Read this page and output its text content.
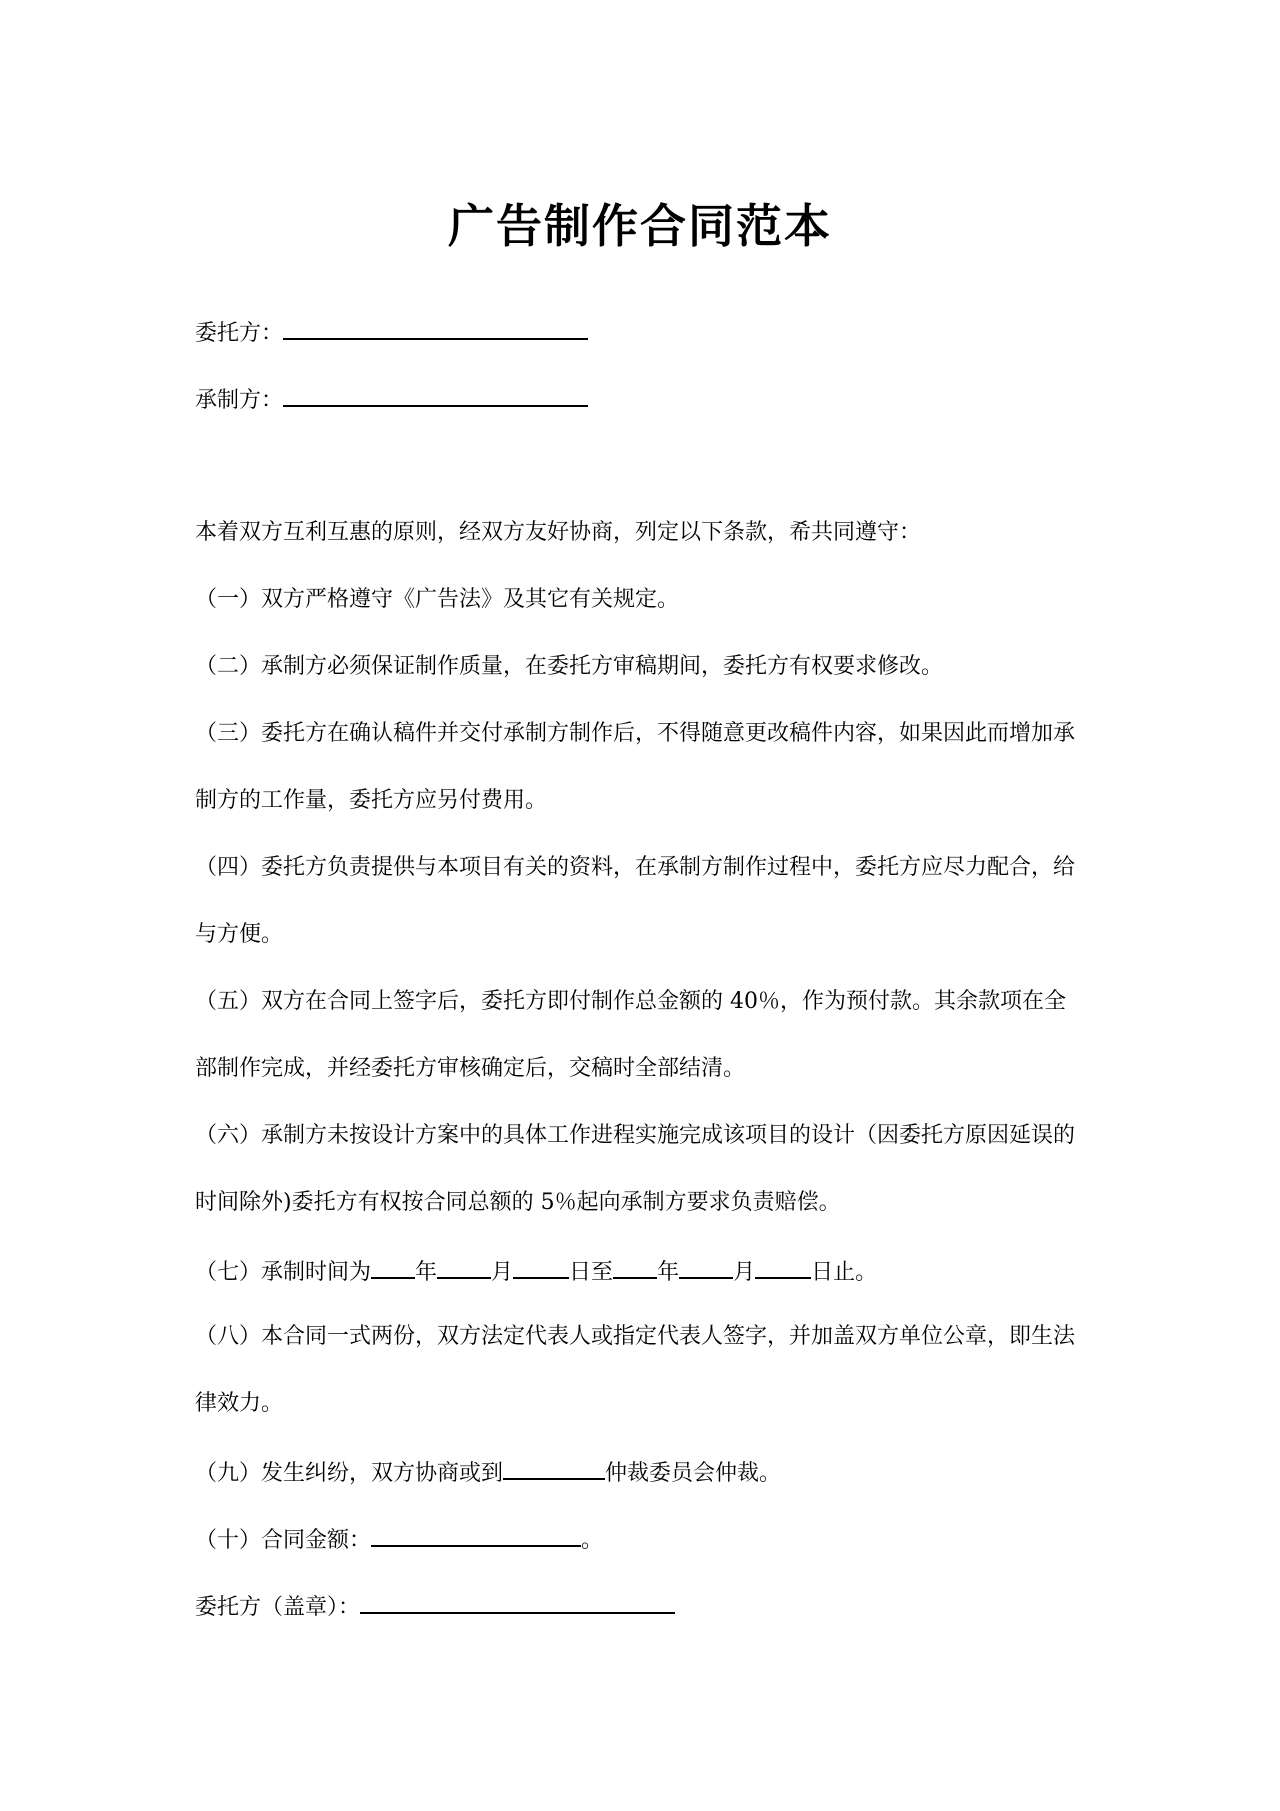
广告制作合同范本
委托方：
承制方：
本着双方互利互惠的原则，经双方友好协商，列定以下条款，希共同遵守：
（一）双方严格遵守《广告法》及其它有关规定。
（二）承制方必须保证制作质量，在委托方审稿期间，委托方有权要求修改。
（三）委托方在确认稿件并交付承制方制作后，不得随意更改稿件内容，如果因此而增加承
制方的工作量，委托方应另付费用。
（四）委托方负责提供与本项目有关的资料，在承制方制作过程中，委托方应尽力配合，给
与方便。
（五）双方在合同上签字后，委托方即付制作总金额的 40％，作为预付款。其余款项在全
部制作完成，并经委托方审核确定后，交稿时全部结清。
（六）承制方未按设计方案中的具体工作进程实施完成该项目的设计（因委托方原因延误的
时间除外)委托方有权按合同总额的 5％起向承制方要求负责赔偿。
（七）承制时间为 年 月	日至 年 月	日止。
（八）本合同一式两份，双方法定代表人或指定代表人签字，并加盖双方单位公章，即生法
律效力。
（九）发生纠纷，双方协商或到	仲裁委员会仲裁。
（十）合同金额：	。
委托方（盖章）：
